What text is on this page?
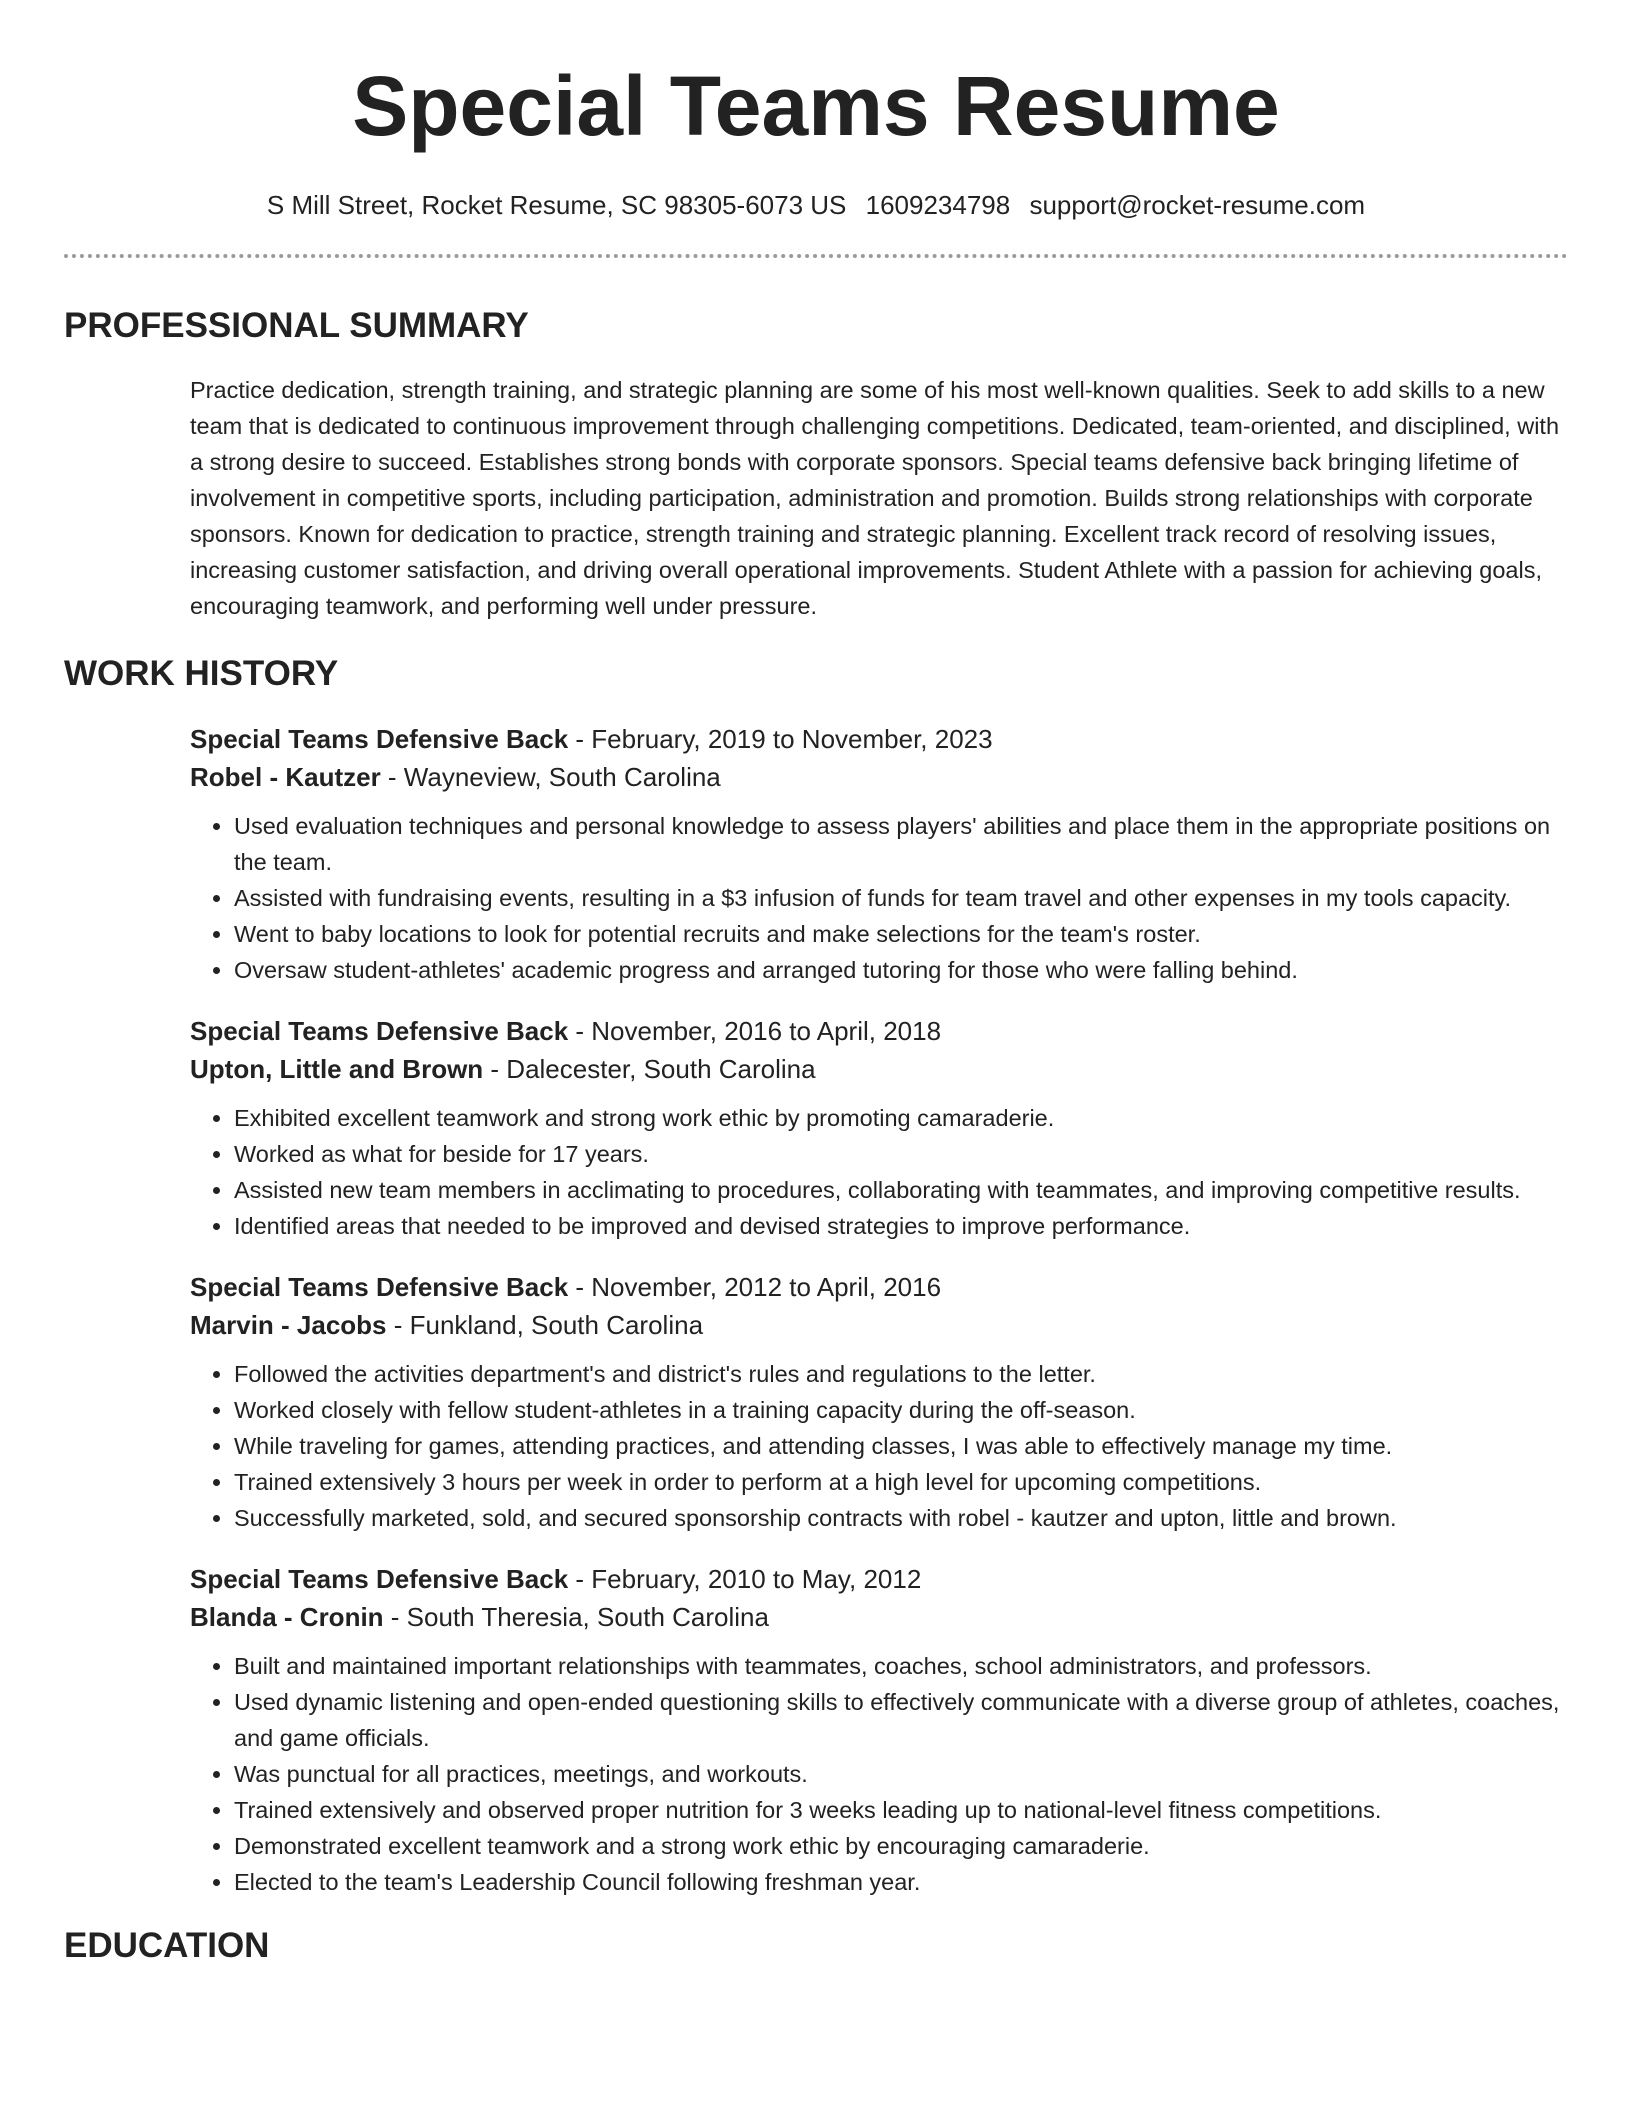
Special Teams Resume
S Mill Street, Rocket Resume, SC 98305-6073 US 1609234798 support@rocket-resume.com
PROFESSIONAL SUMMARY
Practice dedication, strength training, and strategic planning are some of his most well-known qualities. Seek to add skills to a new team that is dedicated to continuous improvement through challenging competitions. Dedicated, team-oriented, and disciplined, with a strong desire to succeed. Establishes strong bonds with corporate sponsors. Special teams defensive back bringing lifetime of involvement in competitive sports, including participation, administration and promotion. Builds strong relationships with corporate sponsors. Known for dedication to practice, strength training and strategic planning. Excellent track record of resolving issues, increasing customer satisfaction, and driving overall operational improvements. Student Athlete with a passion for achieving goals, encouraging teamwork, and performing well under pressure.
WORK HISTORY
Special Teams Defensive Back - February, 2019 to November, 2023
Robel - Kautzer - Wayneview, South Carolina
• Used evaluation techniques and personal knowledge to assess players' abilities and place them in the appropriate positions on the team.
• Assisted with fundraising events, resulting in a $3 infusion of funds for team travel and other expenses in my tools capacity.
• Went to baby locations to look for potential recruits and make selections for the team's roster.
• Oversaw student-athletes' academic progress and arranged tutoring for those who were falling behind.
Special Teams Defensive Back - November, 2016 to April, 2018
Upton, Little and Brown - Dalecester, South Carolina
• Exhibited excellent teamwork and strong work ethic by promoting camaraderie.
• Worked as what for beside for 17 years.
• Assisted new team members in acclimating to procedures, collaborating with teammates, and improving competitive results.
• Identified areas that needed to be improved and devised strategies to improve performance.
Special Teams Defensive Back - November, 2012 to April, 2016
Marvin - Jacobs - Funkland, South Carolina
• Followed the activities department's and district's rules and regulations to the letter.
• Worked closely with fellow student-athletes in a training capacity during the off-season.
• While traveling for games, attending practices, and attending classes, I was able to effectively manage my time.
• Trained extensively 3 hours per week in order to perform at a high level for upcoming competitions.
• Successfully marketed, sold, and secured sponsorship contracts with robel - kautzer and upton, little and brown.
Special Teams Defensive Back - February, 2010 to May, 2012
Blanda - Cronin - South Theresia, South Carolina
• Built and maintained important relationships with teammates, coaches, school administrators, and professors.
• Used dynamic listening and open-ended questioning skills to effectively communicate with a diverse group of athletes, coaches, and game officials.
• Was punctual for all practices, meetings, and workouts.
• Trained extensively and observed proper nutrition for 3 weeks leading up to national-level fitness competitions.
• Demonstrated excellent teamwork and a strong work ethic by encouraging camaraderie.
• Elected to the team's Leadership Council following freshman year.
EDUCATION
